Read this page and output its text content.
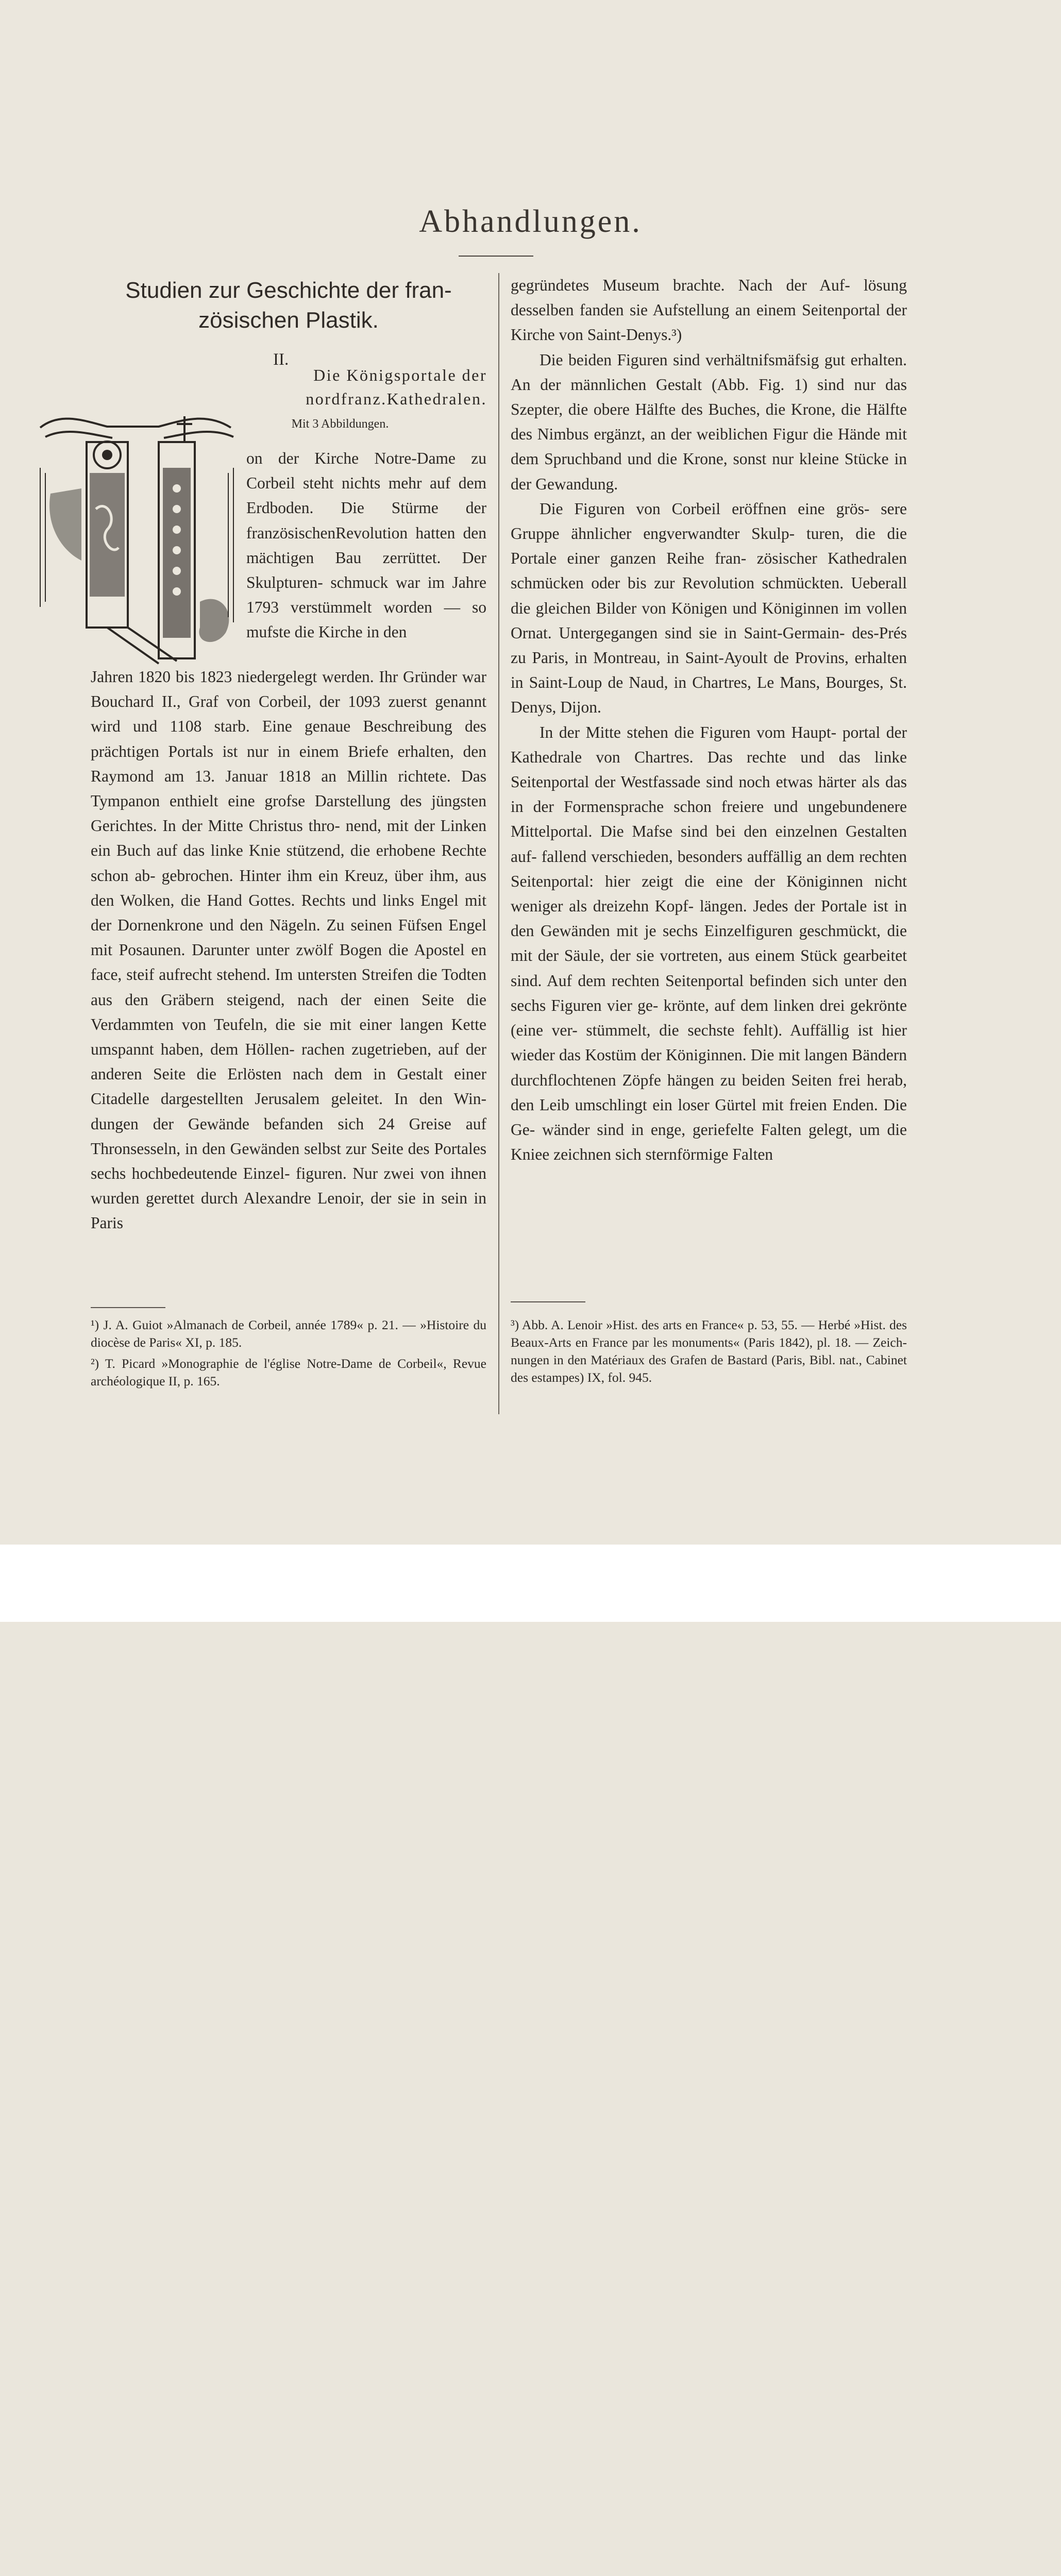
Abhandlungen.
Studien zur Geschichte der fran- zösischen Plastik.
II.
Die Königsportale der nordfranz.Kathedralen.
Mit 3 Abbildungen.

on der Kirche Notre-Dame zu Corbeil steht nichts mehr auf dem Erdboden. Die Stürme der französischenRevolution hatten den mächtigen Bau zerrüttet. Der Skulpturen- schmuck war im Jahre 1793 verstümmelt worden — so mufste die Kirche in den

Jahren 1820 bis 1823 niedergelegt werden. Ihr Gründer war Bouchard II., Graf von Corbeil, der 1093 zuerst genannt wird und 1108 starb. Eine genaue Beschreibung des prächtigen Portals ist nur in einem Briefe erhalten, den Raymond am 13. Januar 1818 an Millin richtete. Das Tympanon enthielt eine grofse Darstellung des jüngsten Gerichtes. In der Mitte Christus thro- nend, mit der Linken ein Buch auf das linke Knie stützend, die erhobene Rechte schon ab- gebrochen. Hinter ihm ein Kreuz, über ihm, aus den Wolken, die Hand Gottes. Rechts und links Engel mit der Dornenkrone und den Nägeln. Zu seinen Füfsen Engel mit Posaunen. Darunter unter zwölf Bogen die Apostel en face, steif aufrecht stehend. Im untersten Streifen die Todten aus den Gräbern steigend, nach der einen Seite die Verdammten von Teufeln, die sie mit einer langen Kette umspannt haben, dem Höllen- rachen zugetrieben, auf der anderen Seite die Erlösten nach dem in Gestalt einer Citadelle dargestellten Jerusalem geleitet. In den Win- dungen der Gewände befanden sich 24 Greise auf Thronsesseln, in den Gewänden selbst zur Seite des Portales sechs hochbedeutende Einzel- figuren. Nur zwei von ihnen wurden gerettet durch Alexandre Lenoir, der sie in sein in Paris

gegründetes Museum brachte. Nach der Auf- lösung desselben fanden sie Aufstellung an einem Seitenportal der Kirche von Saint-Denys.³)

Die beiden Figuren sind verhältnifsmäfsig gut erhalten. An der männlichen Gestalt (Abb. Fig. 1) sind nur das Szepter, die obere Hälfte des Buches, die Krone, die Hälfte des Nimbus ergänzt, an der weiblichen Figur die Hände mit dem Spruchband und die Krone, sonst nur kleine Stücke in der Gewandung.

Die Figuren von Corbeil eröffnen eine grös- sere Gruppe ähnlicher engverwandter Skulp- turen, die die Portale einer ganzen Reihe fran- zösischer Kathedralen schmücken oder bis zur Revolution schmückten. Ueberall die gleichen Bilder von Königen und Königinnen im vollen Ornat. Untergegangen sind sie in Saint-Germain- des-Prés zu Paris, in Montreau, in Saint-Ayoult de Provins, erhalten in Saint-Loup de Naud, in Chartres, Le Mans, Bourges, St. Denys, Dijon.

In der Mitte stehen die Figuren vom Haupt- portal der Kathedrale von Chartres. Das rechte und das linke Seitenportal der Westfassade sind noch etwas härter als das in der Formensprache schon freiere und ungebundenere Mittelportal. Die Mafse sind bei den einzelnen Gestalten auf- fallend verschieden, besonders auffällig an dem rechten Seitenportal: hier zeigt die eine der Königinnen nicht weniger als dreizehn Kopf- längen. Jedes der Portale ist in den Gewänden mit je sechs Einzelfiguren geschmückt, die mit der Säule, der sie vortreten, aus einem Stück gearbeitet sind. Auf dem rechten Seitenportal befinden sich unter den sechs Figuren vier ge- krönte, auf dem linken drei gekrönte (eine ver- stümmelt, die sechste fehlt). Auffällig ist hier wieder das Kostüm der Königinnen. Die mit langen Bändern durchflochtenen Zöpfe hängen zu beiden Seiten frei herab, den Leib umschlingt ein loser Gürtel mit freien Enden. Die Ge- wänder sind in enge, geriefelte Falten gelegt, um die Kniee zeichnen sich sternförmige Falten

¹) J. A. Guiot »Almanach de Corbeil, année 1789« p. 21. — »Histoire du diocèse de Paris« XI, p. 185.

²) T. Picard »Monographie de l'église Notre-Dame de Corbeil«, Revue archéologique II, p. 165.

³) Abb. A. Lenoir »Hist. des arts en France« p. 53, 55. — Herbé »Hist. des Beaux-Arts en France par les monuments« (Paris 1842), pl. 18. — Zeich- nungen in den Matériaux des Grafen de Bastard (Paris, Bibl. nat., Cabinet des estampes) IX, fol. 945.
